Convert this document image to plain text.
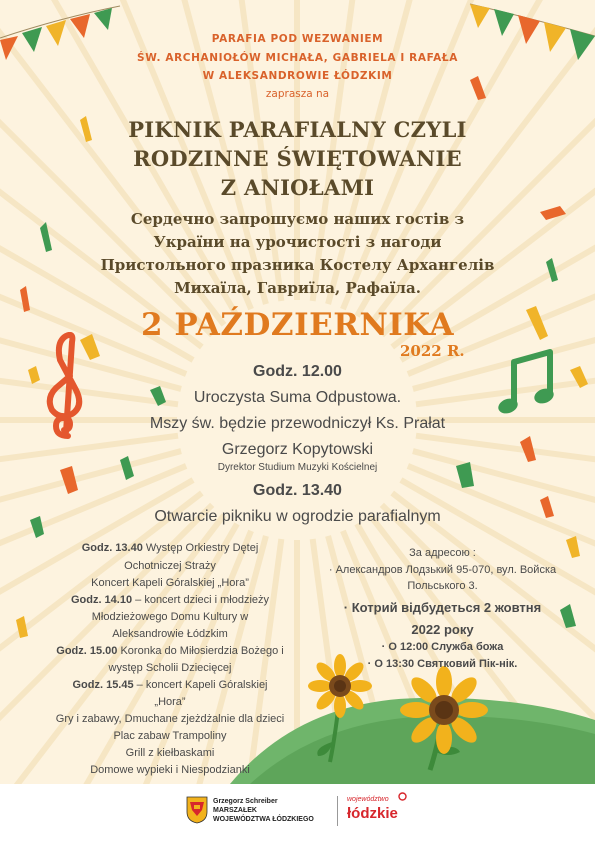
PARAFIA POD WEZWANIEM
ŚW. ARCHANIOŁÓW MICHAŁA, GABRIELA I RAFAŁA
W ALEKSANDROWIE ŁÓDZKIM
zaprasza na
PIKNIK PARAFIALNY CZYLI
RODZINNE ŚWIĘTOWANIE
Z ANIOŁAMI
Сердечно запрошуємо наших гостів з
України на урочистості з нагоди
Пристольного празника Костелу Архангелів
Михаїла, Гавриїла, Рафаїла.
2 PAŹDZIERNIKA
2022 R.
Godz. 12.00
Uroczysta Suma Odpustowa.
Mszy św. będzie przewodniczył Ks. Prałat
Grzegorz Kopytowski
Dyrektor Studium Muzyki Kościelnej
Godz. 13.40
Otwarcie pikniku w ogrodzie parafialnym
Godz. 13.40 Występ Orkiestry Dętej
Ochotniczej Straży
Koncert Kapeli Góralskiej „Hora”
Godz. 14.10 – koncert dzieci i młodzieży
Młodzieżowego Domu Kultury w
Aleksandrowie Łódzkim
Godz. 15.00 Koronka do Miłosierdzia Bożego i
występ Scholii Dziecięcej
Godz. 15.45 – koncert Kapeli Góralskiej
„Hora”
Gry i zabawy, Dmuchane zjeżdżalnie dla dzieci
Plac zabaw Trampoliny
Grill z kiełbaskami
Domowe wypieki i Niespodzianki
За адресою :
· Александров Лодзький 95-070, вул. Войска
Польського 3.
· Котрий відбудеться 2 жовтня
2022 року
· О 12:00 Служба божа
· О 13:30 Святковий Пік-нік.
Grzegorz Schreiber
MARSZAŁEK
WOJEWÓDZTWA ŁÓDZKIEGO
województwo
łódzkie
